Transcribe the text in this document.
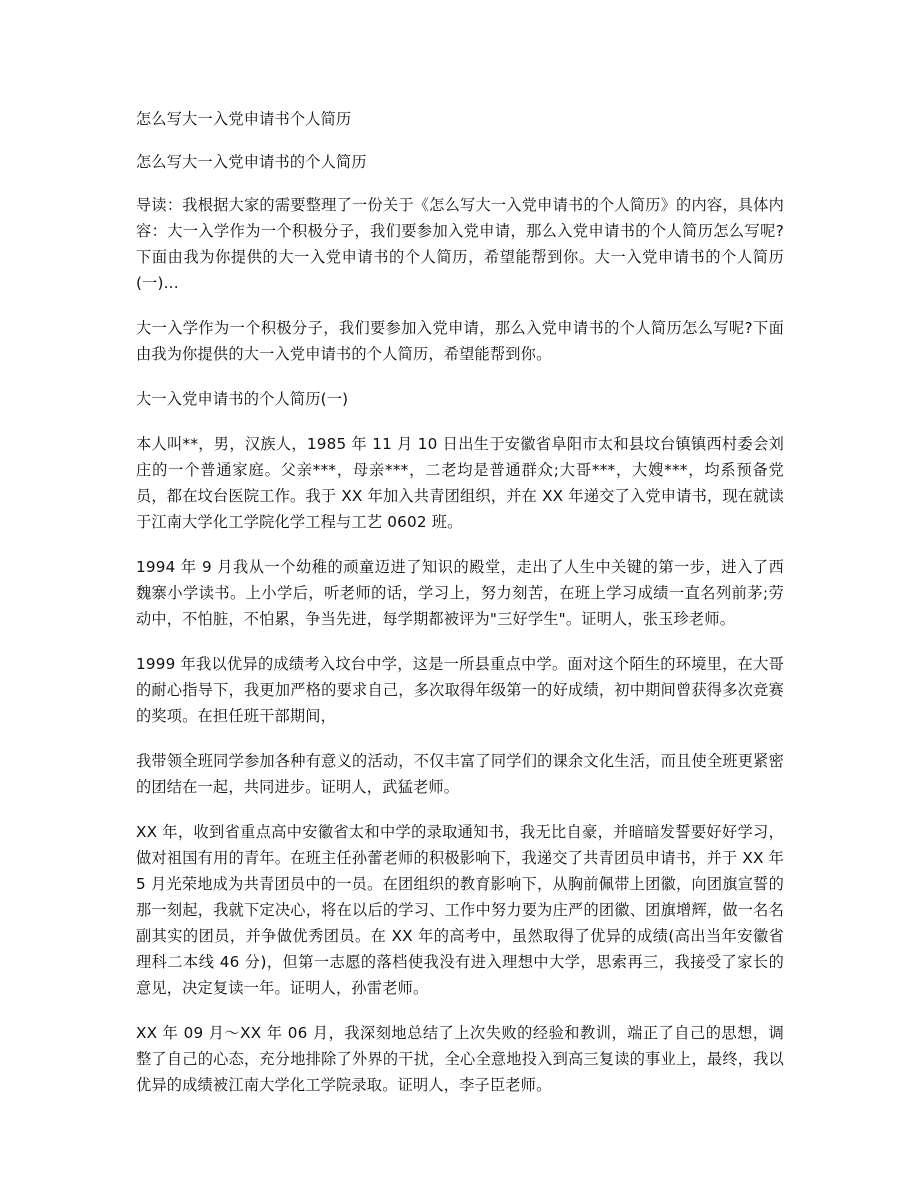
怎么写大一入党申请书个人简历

怎么写大一入党申请书的个人简历

导读：我根据大家的需要整理了一份关于《怎么写大一入党申请书的个人简历》的内容，具体内容：大一入学作为一个积极分子，我们要参加入党申请，那么入党申请书的个人简历怎么写呢?下面由我为你提供的大一入党申请书的个人简历，希望能帮到你。大一入党申请书的个人简历(一)...

大一入学作为一个积极分子，我们要参加入党申请，那么入党申请书的个人简历怎么写呢?下面由我为你提供的大一入党申请书的个人简历，希望能帮到你。

大一入党申请书的个人简历(一)

本人叫**，男，汉族人，1985 年 11 月 10 日出生于安徽省阜阳市太和县坟台镇镇西村委会刘庄的一个普通家庭。父亲***，母亲***，二老均是普通群众;大哥***，大嫂***，均系预备党员，都在坟台医院工作。我于 XX 年加入共青团组织，并在 XX 年递交了入党申请书，现在就读于江南大学化工学院化学工程与工艺 0602 班。

1994 年 9 月我从一个幼稚的顽童迈进了知识的殿堂，走出了人生中关键的第一步，进入了西魏寨小学读书。上小学后，听老师的话，学习上，努力刻苦，在班上学习成绩一直名列前茅;劳动中，不怕脏，不怕累，争当先进，每学期都被评为"三好学生"。证明人，张玉珍老师。

1999 年我以优异的成绩考入坟台中学，这是一所县重点中学。面对这个陌生的环境里，在大哥的耐心指导下，我更加严格的要求自己，多次取得年级第一的好成绩，初中期间曾获得多次竞赛的奖项。在担任班干部期间，

我带领全班同学参加各种有意义的活动，不仅丰富了同学们的课余文化生活，而且使全班更紧密的团结在一起，共同进步。证明人，武猛老师。

XX 年，收到省重点高中安徽省太和中学的录取通知书，我无比自豪，并暗暗发誓要好好学习，做对祖国有用的青年。在班主任孙蕾老师的积极影响下，我递交了共青团员申请书，并于 XX 年 5 月光荣地成为共青团员中的一员。在团组织的教育影响下，从胸前佩带上团徽，向团旗宣誓的那一刻起，我就下定决心，将在以后的学习、工作中努力要为庄严的团徽、团旗增辉，做一名名副其实的团员，并争做优秀团员。在 XX 年的高考中，虽然取得了优异的成绩(高出当年安徽省理科二本线 46 分)，但第一志愿的落档使我没有进入理想中大学，思索再三，我接受了家长的意见，决定复读一年。证明人，孙雷老师。

XX 年 09 月～XX 年 06 月，我深刻地总结了上次失败的经验和教训，端正了自己的思想，调整了自己的心态，充分地排除了外界的干扰，全心全意地投入到高三复读的事业上，最终，我以优异的成绩被江南大学化工学院录取。证明人，李子臣老师。
